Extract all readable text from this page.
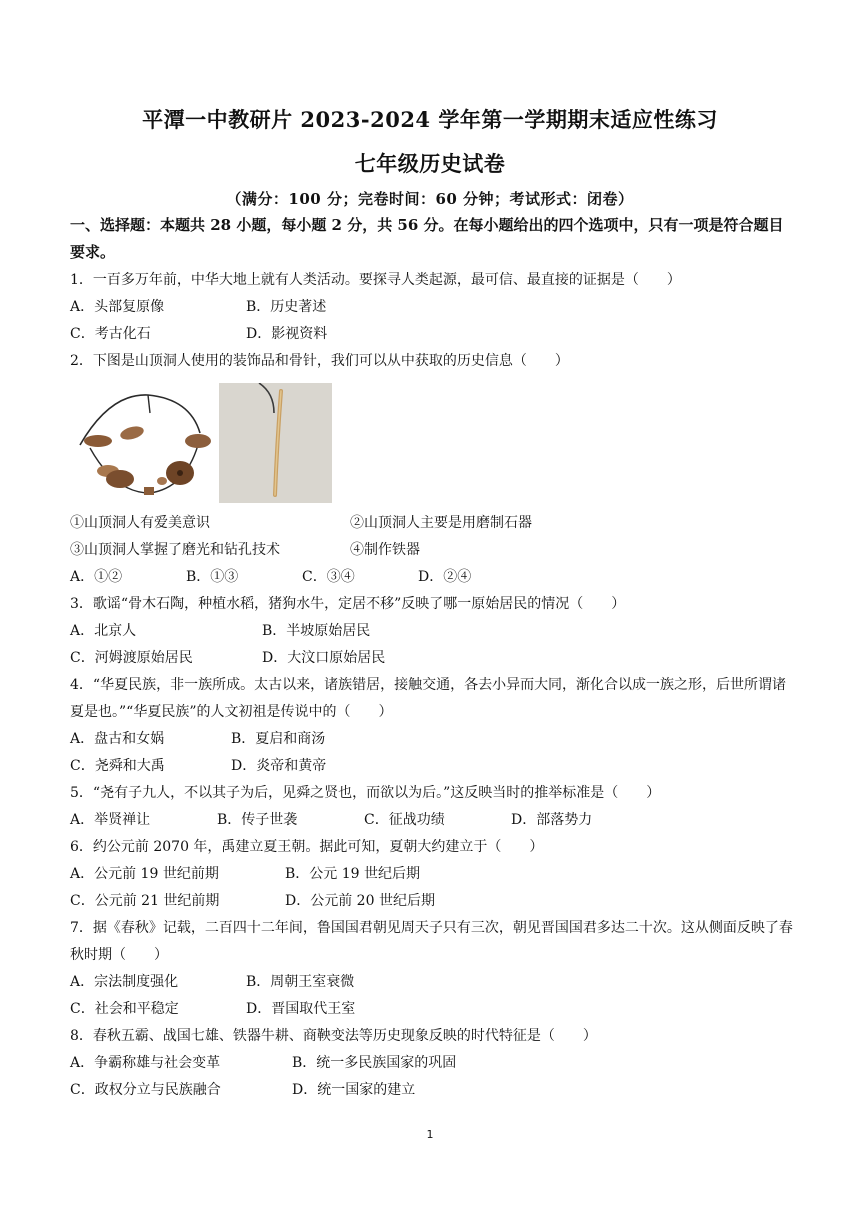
平潭一中教研片 2023-2024 学年第一学期期末适应性练习
七年级历史试卷
（满分：100 分；完卷时间：60 分钟；考试形式：闭卷）
一、选择题：本题共 28 小题，每小题 2 分，共 56 分。在每小题给出的四个选项中，只有一项是符合题目要求。
1．一百多万年前，中华大地上就有人类活动。要探寻人类起源，最可信、最直接的证据是（　　）
A．头部复原像	B．历史著述
C．考古化石	D．影视资料
2．下图是山顶洞人使用的装饰品和骨针，我们可以从中获取的历史信息（　　）
①山顶洞人有爱美意识	②山顶洞人主要是用磨制石器
③山顶洞人掌握了磨光和钻孔技术	④制作铁器
A．①②	B．①③	C．③④	D．②④
3．歌谣“骨木石陶，种植水稻，猪狗水牛，定居不移”反映了哪一原始居民的情况（　　）
A．北京人	B．半坡原始居民
C．河姆渡原始居民	D．大汶口原始居民
4．“华夏民族，非一族所成。太古以来，诸族错居，接触交通，各去小异而大同，渐化合以成一族之形，后世所谓诸夏是也。”“华夏民族”的人文初祖是传说中的（　　）
A．盘古和女娲	B．夏启和商汤
C．尧舜和大禹	D．炎帝和黄帝
5．“尧有子九人，不以其子为后，见舜之贤也，而欲以为后。”这反映当时的推举标准是（　　）
A．举贤禅让	B．传子世袭	C．征战功绩	D．部落势力
6．约公元前 2070 年，禹建立夏王朝。据此可知，夏朝大约建立于（　　）
A．公元前 19 世纪前期	B．公元 19 世纪后期
C．公元前 21 世纪前期	D．公元前 20 世纪后期
7．据《春秋》记载，二百四十二年间，鲁国国君朝见周天子只有三次，朝见晋国国君多达二十次。这从侧面反映了春秋时期（　　）
A．宗法制度强化	B．周朝王室衰微
C．社会和平稳定	D．晋国取代王室
8．春秋五霸、战国七雄、铁器牛耕、商鞅变法等历史现象反映的时代特征是（　　）
A．争霸称雄与社会变革	B．统一多民族国家的巩固
C．政权分立与民族融合	D．统一国家的建立
1
